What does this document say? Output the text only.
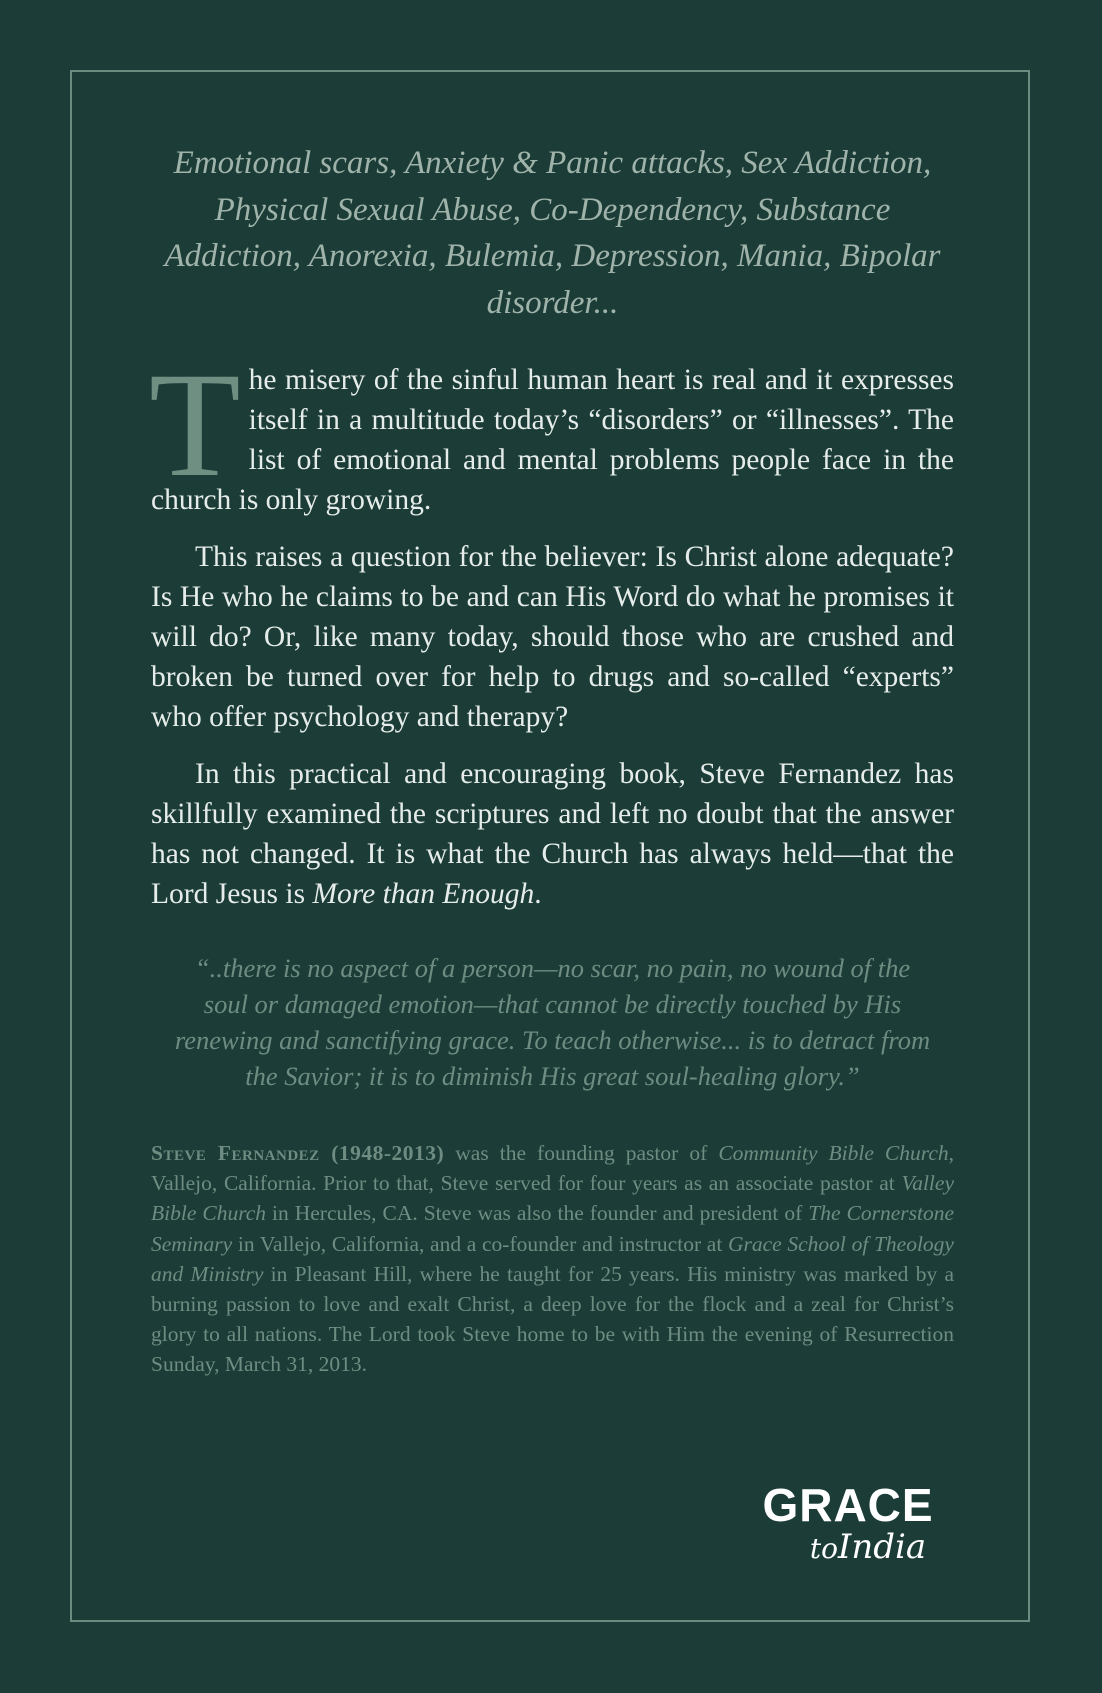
Emotional scars, Anxiety & Panic attacks, Sex Addiction, Physical Sexual Abuse, Co-Dependency, Substance Addiction, Anorexia, Bulemia, Depression, Mania, Bipolar disorder...

The misery of the sinful human heart is real and it expresses itself in a multitude today’s “disorders” or “illnesses”. The list of emotional and mental problems people face in the church is only growing.

This raises a question for the believer: Is Christ alone adequate? Is He who he claims to be and can His Word do what he promises it will do? Or, like many today, should those who are crushed and broken be turned over for help to drugs and so-called “experts” who offer psychology and therapy?

In this practical and encouraging book, Steve Fernandez has skillfully examined the scriptures and left no doubt that the answer has not changed. It is what the Church has always held—that the Lord Jesus is More than Enough.

“..there is no aspect of a person—no scar, no pain, no wound of the soul or damaged emotion—that cannot be directly touched by His renewing and sanctifying grace. To teach otherwise... is to detract from the Savior; it is to diminish His great soul-healing glory.”

Steve Fernandez (1948-2013) was the founding pastor of Community Bible Church, Vallejo, California. Prior to that, Steve served for four years as an associate pastor at Valley Bible Church in Hercules, CA. Steve was also the founder and president of The Cornerstone Seminary in Vallejo, California, and a co-founder and instructor at Grace School of Theology and Ministry in Pleasant Hill, where he taught for 25 years. His ministry was marked by a burning passion to love and exalt Christ, a deep love for the flock and a zeal for Christ’s glory to all nations. The Lord took Steve home to be with Him the evening of Resurrection Sunday, March 31, 2013.

GRACE
toIndia
